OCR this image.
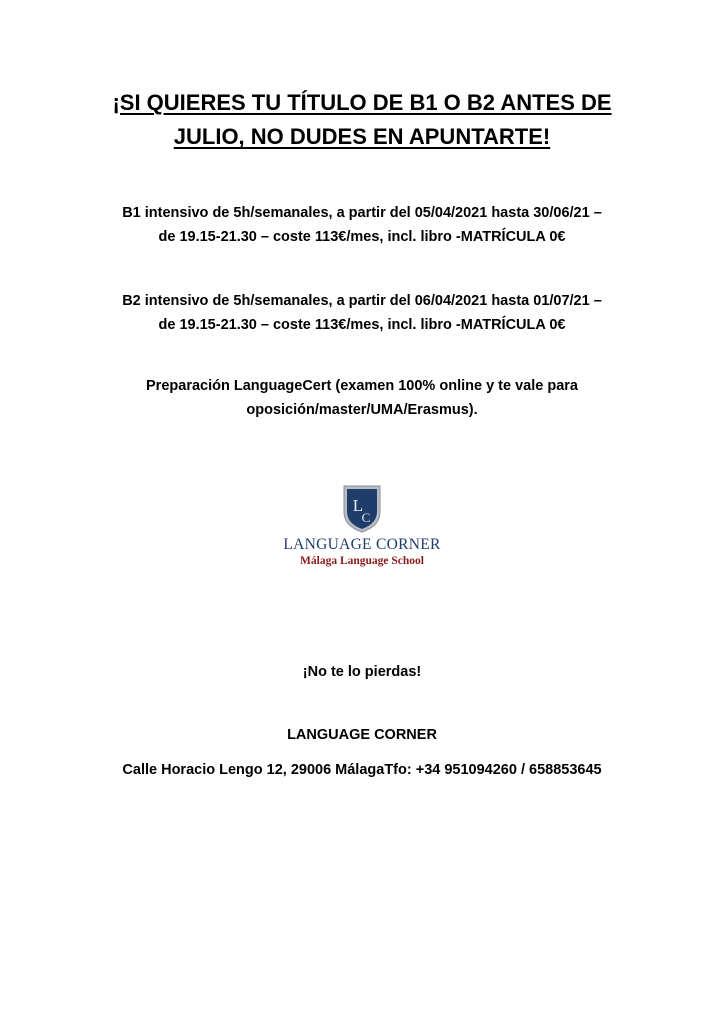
¡SI QUIERES TU TÍTULO DE B1 O B2 ANTES DE
JULIO, NO DUDES EN APUNTARTE!
B1 intensivo de 5h/semanales, a partir del 05/04/2021 hasta 30/06/21 –
de 19.15-21.30 – coste 113€/mes, incl. libro -MATRÍCULA 0€
B2 intensivo de 5h/semanales, a partir del 06/04/2021 hasta 01/07/21 –
de 19.15-21.30 – coste 113€/mes, incl. libro -MATRÍCULA 0€
Preparación LanguageCert (examen 100% online y te vale para
oposición/master/UMA/Erasmus).
L
C
LANGUAGE CORNER
Málaga Language School
¡No te lo pierdas!
LANGUAGE CORNER
Calle Horacio Lengo 12, 29006 MálagaTfo: +34 951094260 / 658853645
